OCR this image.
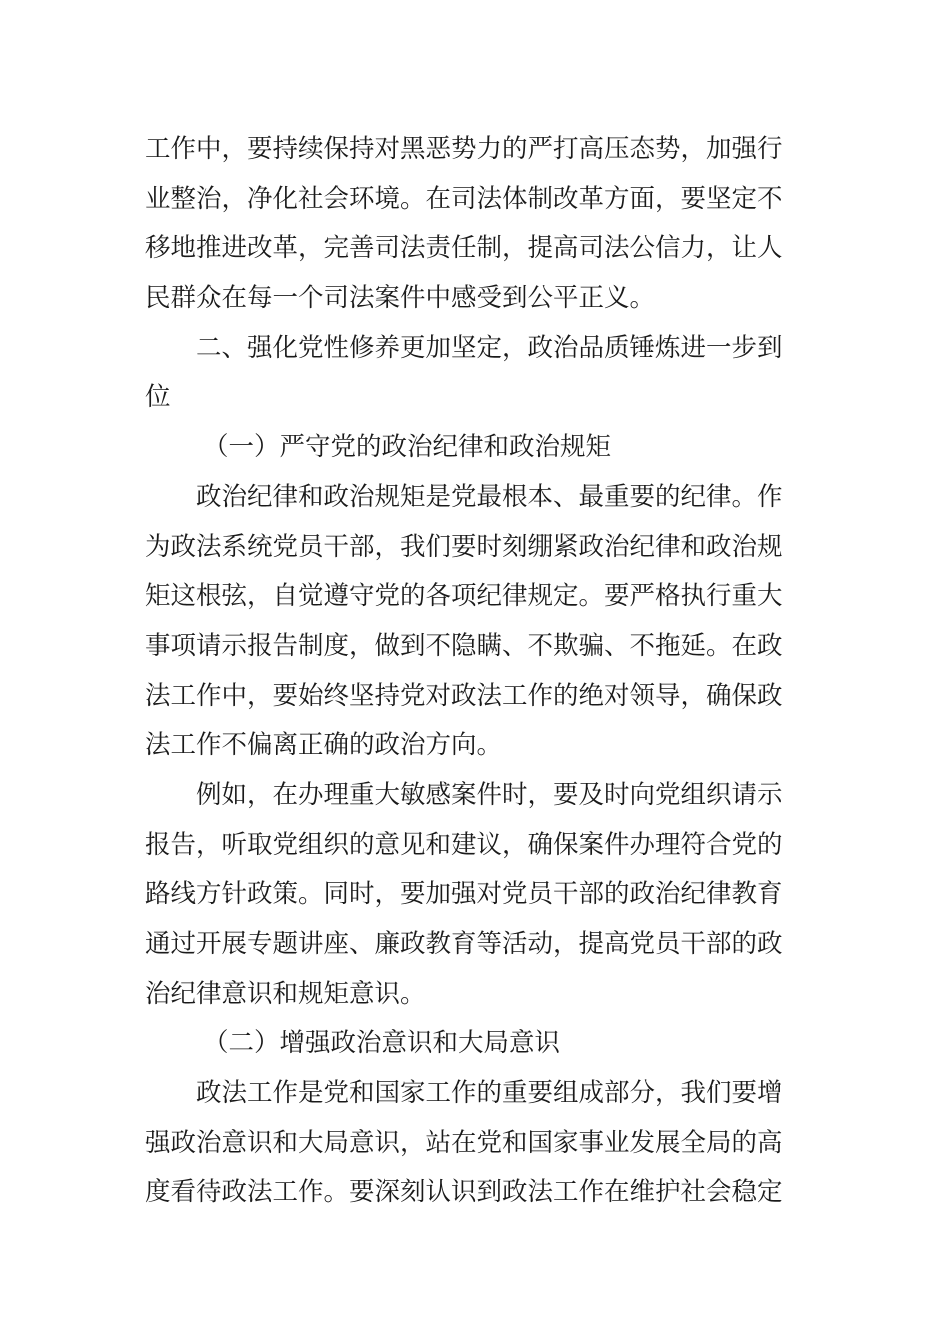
工作中，要持续保持对黑恶势力的严打高压态势，加强行
业整治，净化社会环境。在司法体制改革方面，要坚定不
移地推进改革，完善司法责任制，提高司法公信力，让人
民群众在每一个司法案件中感受到公平正义。
二、强化党性修养更加坚定，政治品质锤炼进一步到
位
（一）严守党的政治纪律和政治规矩
政治纪律和政治规矩是党最根本、最重要的纪律。作
为政法系统党员干部，我们要时刻绷紧政治纪律和政治规
矩这根弦，自觉遵守党的各项纪律规定。要严格执行重大
事项请示报告制度，做到不隐瞒、不欺骗、不拖延。在政
法工作中，要始终坚持党对政法工作的绝对领导，确保政
法工作不偏离正确的政治方向。
例如，在办理重大敏感案件时，要及时向党组织请示
报告，听取党组织的意见和建议，确保案件办理符合党的
路线方针政策。同时，要加强对党员干部的政治纪律教育
通过开展专题讲座、廉政教育等活动，提高党员干部的政
治纪律意识和规矩意识。
（二）增强政治意识和大局意识
政法工作是党和国家工作的重要组成部分，我们要增
强政治意识和大局意识，站在党和国家事业发展全局的高
度看待政法工作。要深刻认识到政法工作在维护社会稳定
